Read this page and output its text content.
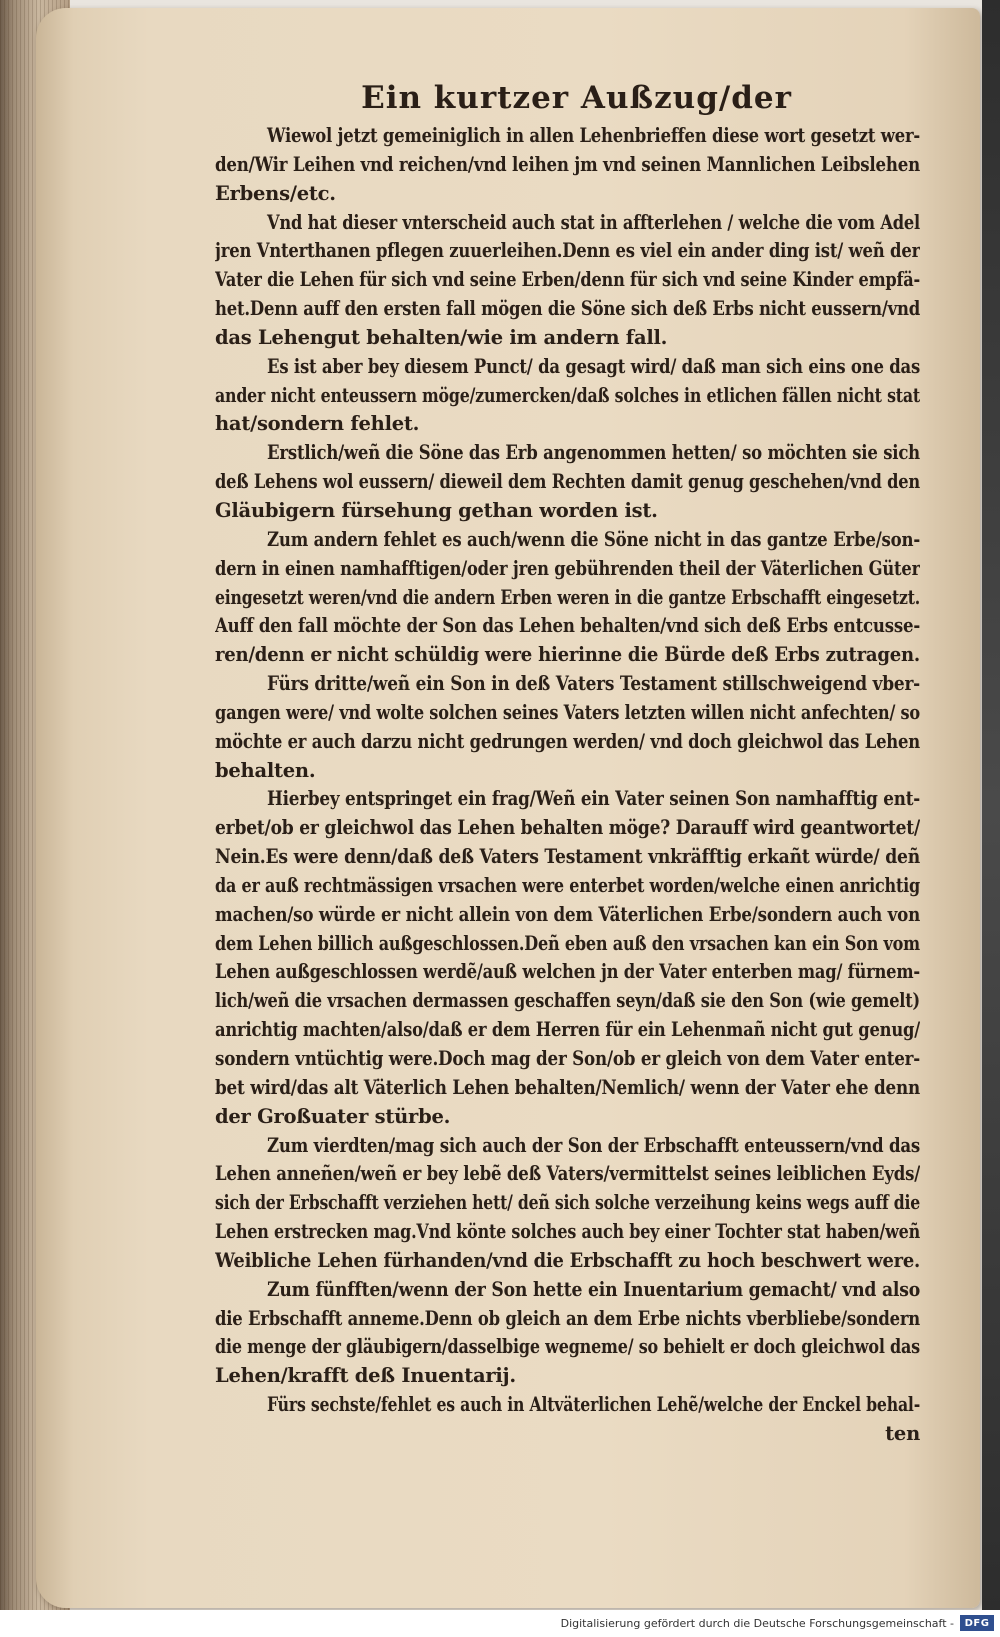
Ein kurtzer Außzug/der
Wiewol jetzt gemeiniglich in allen Lehenbrieffen diese wort gesetzt wer-
den/Wir Leihen vnd reichen/vnd leihen jm vnd seinen Mannlichen Leibslehen
Erbens/etc.
Vnd hat dieser vnterscheid auch stat in affterlehen / welche die vom Adel
jren Vnterthanen pflegen zuuerleihen.Denn es viel ein ander ding ist/ weñ der
Vater die Lehen für sich vnd seine Erben/denn für sich vnd seine Kinder empfä-
het.Denn auff den ersten fall mögen die Söne sich deß Erbs nicht eussern/vnd
das Lehengut behalten/wie im andern fall.
Es ist aber bey diesem Punct/ da gesagt wird/ daß man sich eins one das
ander nicht enteussern möge/zumercken/daß solches in etlichen fällen nicht stat
hat/sondern fehlet.
Erstlich/weñ die Söne das Erb angenommen hetten/ so möchten sie sich
deß Lehens wol eussern/ dieweil dem Rechten damit genug geschehen/vnd den
Gläubigern fürsehung gethan worden ist.
Zum andern fehlet es auch/wenn die Söne nicht in das gantze Erbe/son-
dern in einen namhafftigen/oder jren gebührenden theil der Väterlichen Güter
eingesetzt weren/vnd die andern Erben weren in die gantze Erbschafft eingesetzt.
Auff den fall möchte der Son das Lehen behalten/vnd sich deß Erbs entcusse-
ren/denn er nicht schüldig were hierinne die Bürde deß Erbs zutragen.
Fürs dritte/weñ ein Son in deß Vaters Testament stillschweigend vber-
gangen were/ vnd wolte solchen seines Vaters letzten willen nicht anfechten/ so
möchte er auch darzu nicht gedrungen werden/ vnd doch gleichwol das Lehen
behalten.
Hierbey entspringet ein frag/Weñ ein Vater seinen Son namhafftig ent-
erbet/ob er gleichwol das Lehen behalten möge? Darauff wird geantwortet/
Nein.Es were denn/daß deß Vaters Testament vnkräfftig erkañt würde/ deñ
da er auß rechtmässigen vrsachen were enterbet worden/welche einen anrichtig
machen/so würde er nicht allein von dem Väterlichen Erbe/sondern auch von
dem Lehen billich außgeschlossen.Deñ eben auß den vrsachen kan ein Son vom
Lehen außgeschlossen werdẽ/auß welchen jn der Vater enterben mag/ fürnem-
lich/weñ die vrsachen dermassen geschaffen seyn/daß sie den Son (wie gemelt)
anrichtig machten/also/daß er dem Herren für ein Lehenmañ nicht gut genug/
sondern vntüchtig were.Doch mag der Son/ob er gleich von dem Vater enter-
bet wird/das alt Väterlich Lehen behalten/Nemlich/ wenn der Vater ehe denn
der Großuater stürbe.
Zum vierdten/mag sich auch der Son der Erbschafft enteussern/vnd das
Lehen anneñen/weñ er bey lebẽ deß Vaters/vermittelst seines leiblichen Eyds/
sich der Erbschafft verziehen hett/ deñ sich solche verzeihung keins wegs auff die
Lehen erstrecken mag.Vnd könte solches auch bey einer Tochter stat haben/weñ
Weibliche Lehen fürhanden/vnd die Erbschafft zu hoch beschwert were.
Zum fünfften/wenn der Son hette ein Inuentarium gemacht/ vnd also
die Erbschafft anneme.Denn ob gleich an dem Erbe nichts vberbliebe/sondern
die menge der gläubigern/dasselbige wegneme/ so behielt er doch gleichwol das
Lehen/krafft deß Inuentarij.
Fürs sechste/fehlet es auch in Altväterlichen Lehẽ/welche der Enckel behal-
ten
Digitalisierung gefördert durch die Deutsche Forschungsgemeinschaft -	DFG
